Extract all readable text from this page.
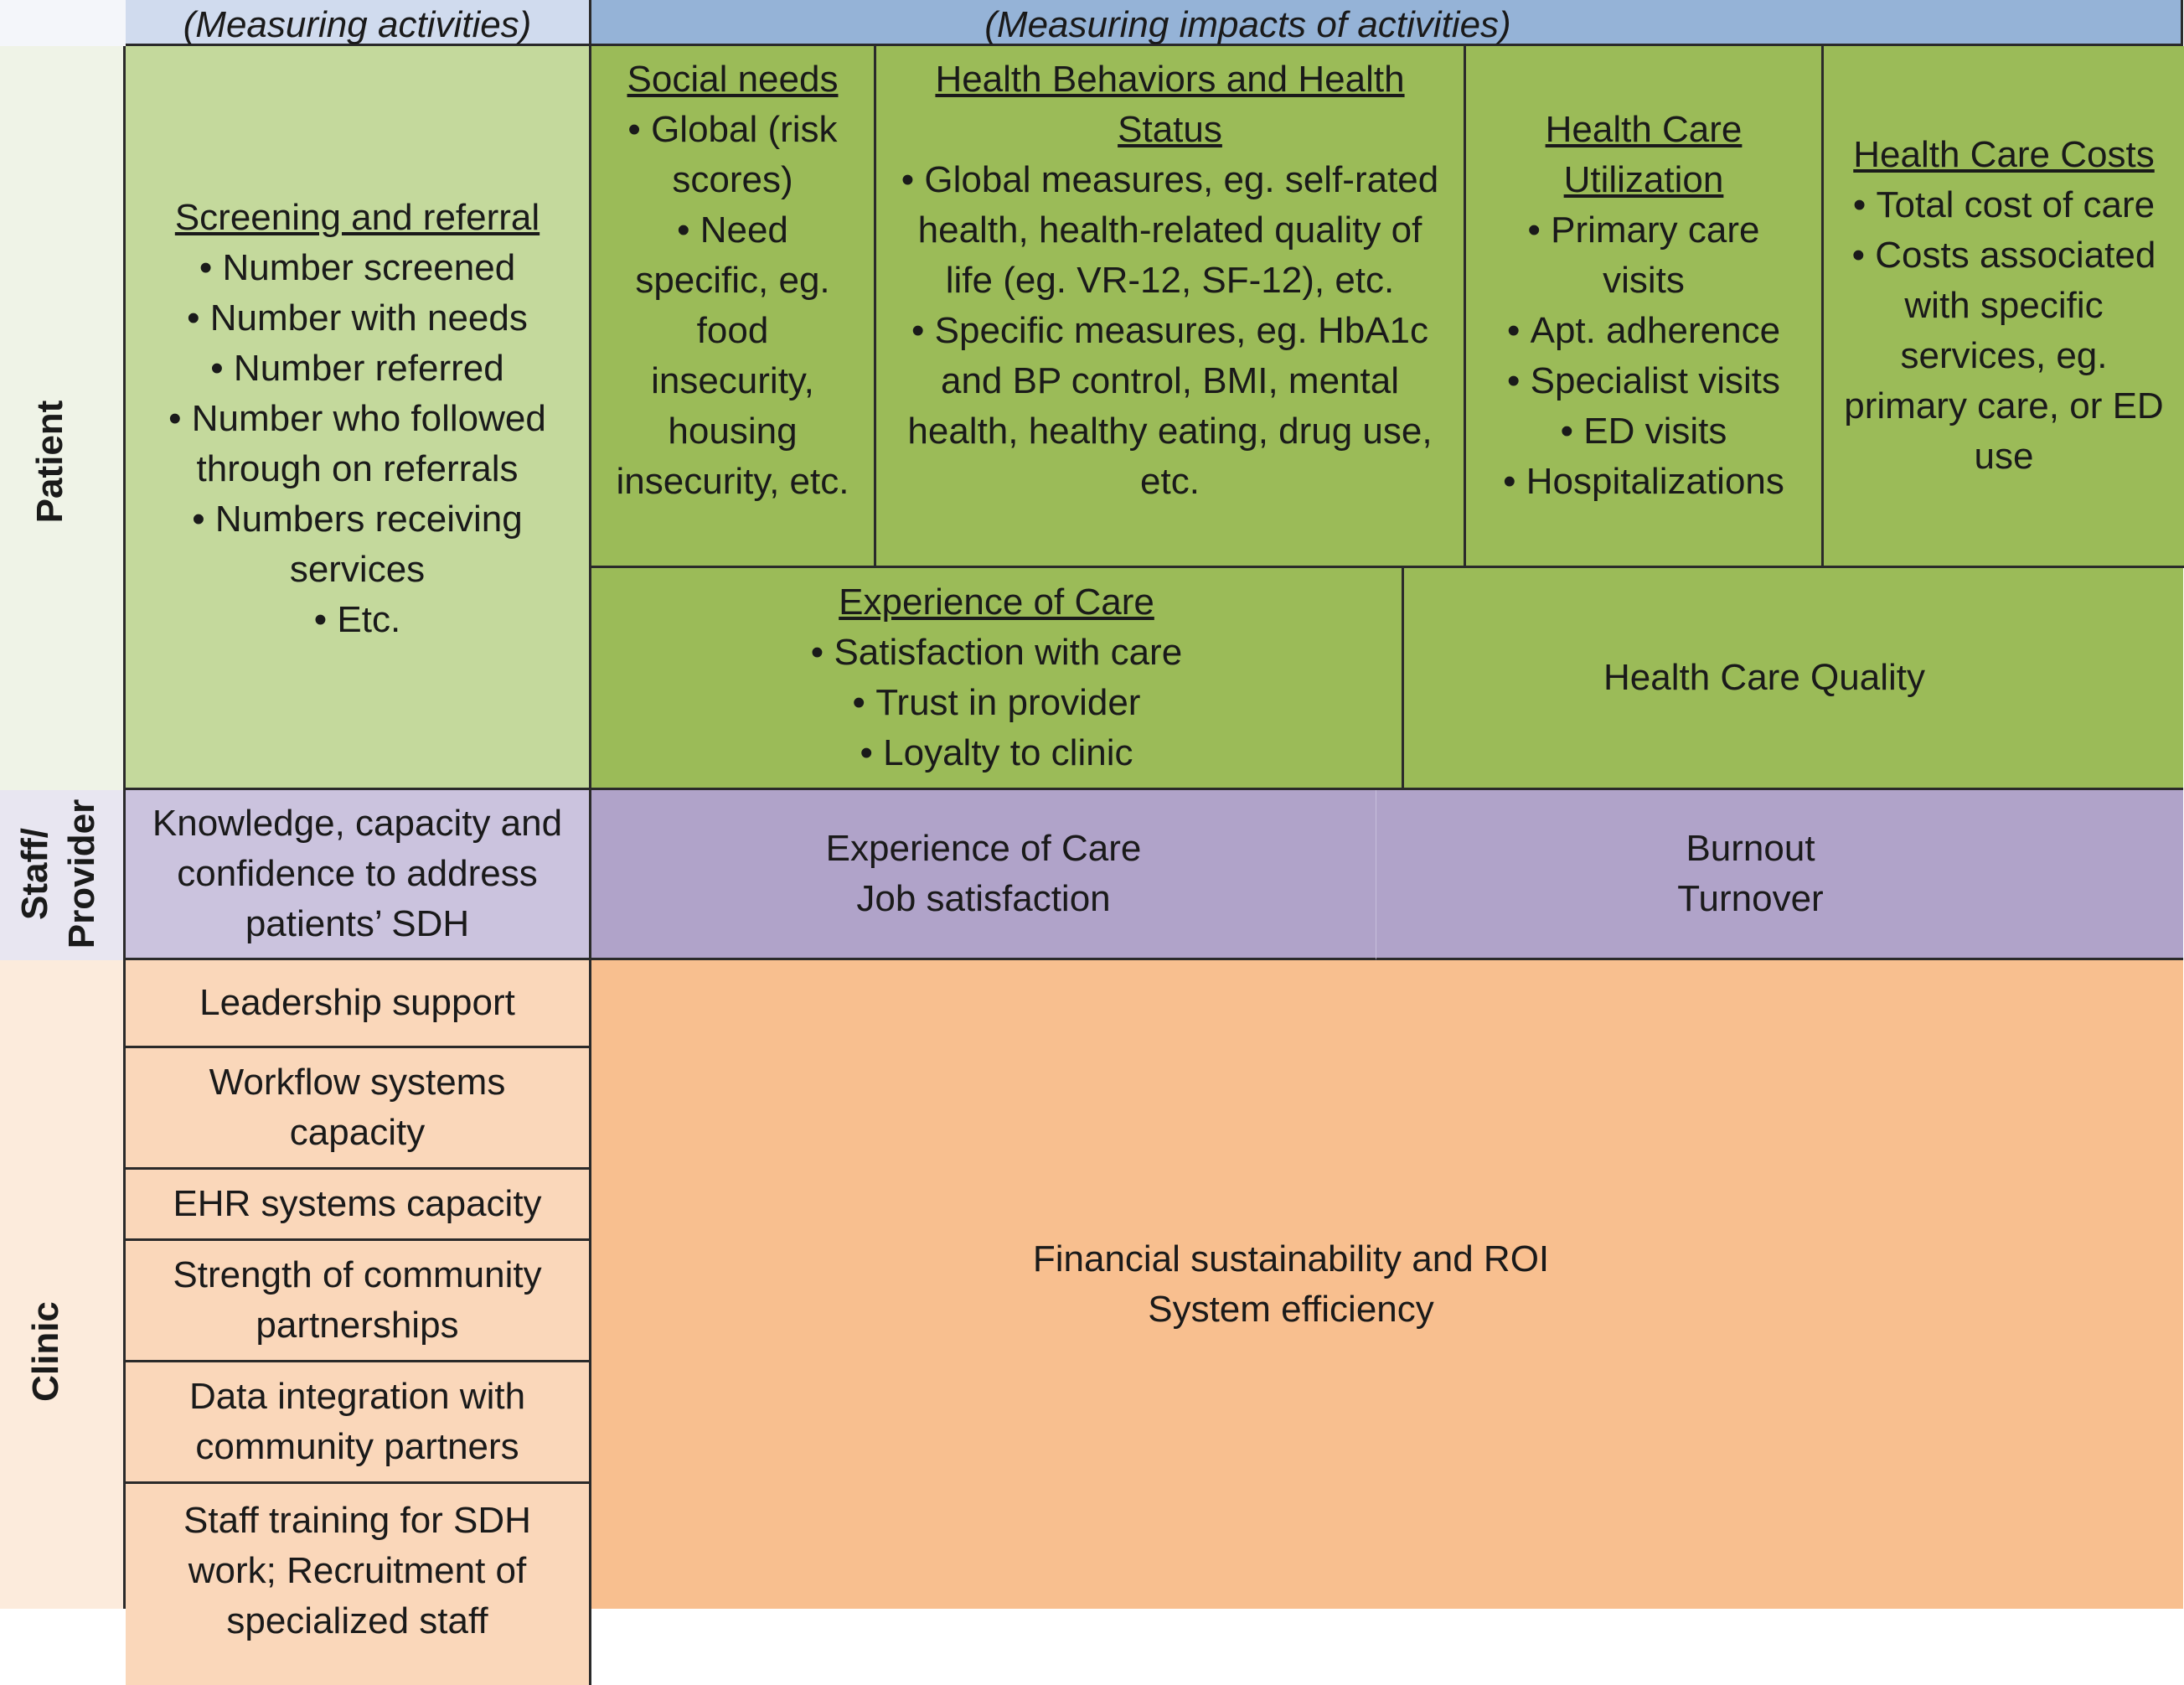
(Measuring activities)	(Measuring impacts of activities)
Patient
Staff/ Provider
Clinic
Screening and referral
• Number screened
• Number with needs
• Number referred
• Number who followed through on referrals
• Numbers receiving services
• Etc.
Social needs
• Global (risk scores)
• Need specific, eg. food insecurity, housing insecurity, etc.
Health Behaviors and Health Status
• Global measures, eg. self-rated health, health-related quality of life (eg. VR-12, SF-12), etc.
• Specific measures, eg. HbA1c and BP control, BMI, mental health, healthy eating, drug use, etc.
Health Care Utilization
• Primary care visits
• Apt. adherence
• Specialist visits
• ED visits
• Hospitalizations
Health Care Costs
• Total cost of care
• Costs associated with specific services, eg. primary care, or ED use
Experience of Care
• Satisfaction with care
• Trust in provider
• Loyalty to clinic
Health Care Quality
Knowledge, capacity and confidence to address patients’ SDH
Experience of Care
Job satisfaction
Burnout
Turnover
Leadership support
Workflow systems capacity
EHR systems capacity
Strength of community partnerships
Data integration with community partners
Staff training for SDH work; Recruitment of specialized staff
Financial sustainability and ROI
System efficiency
